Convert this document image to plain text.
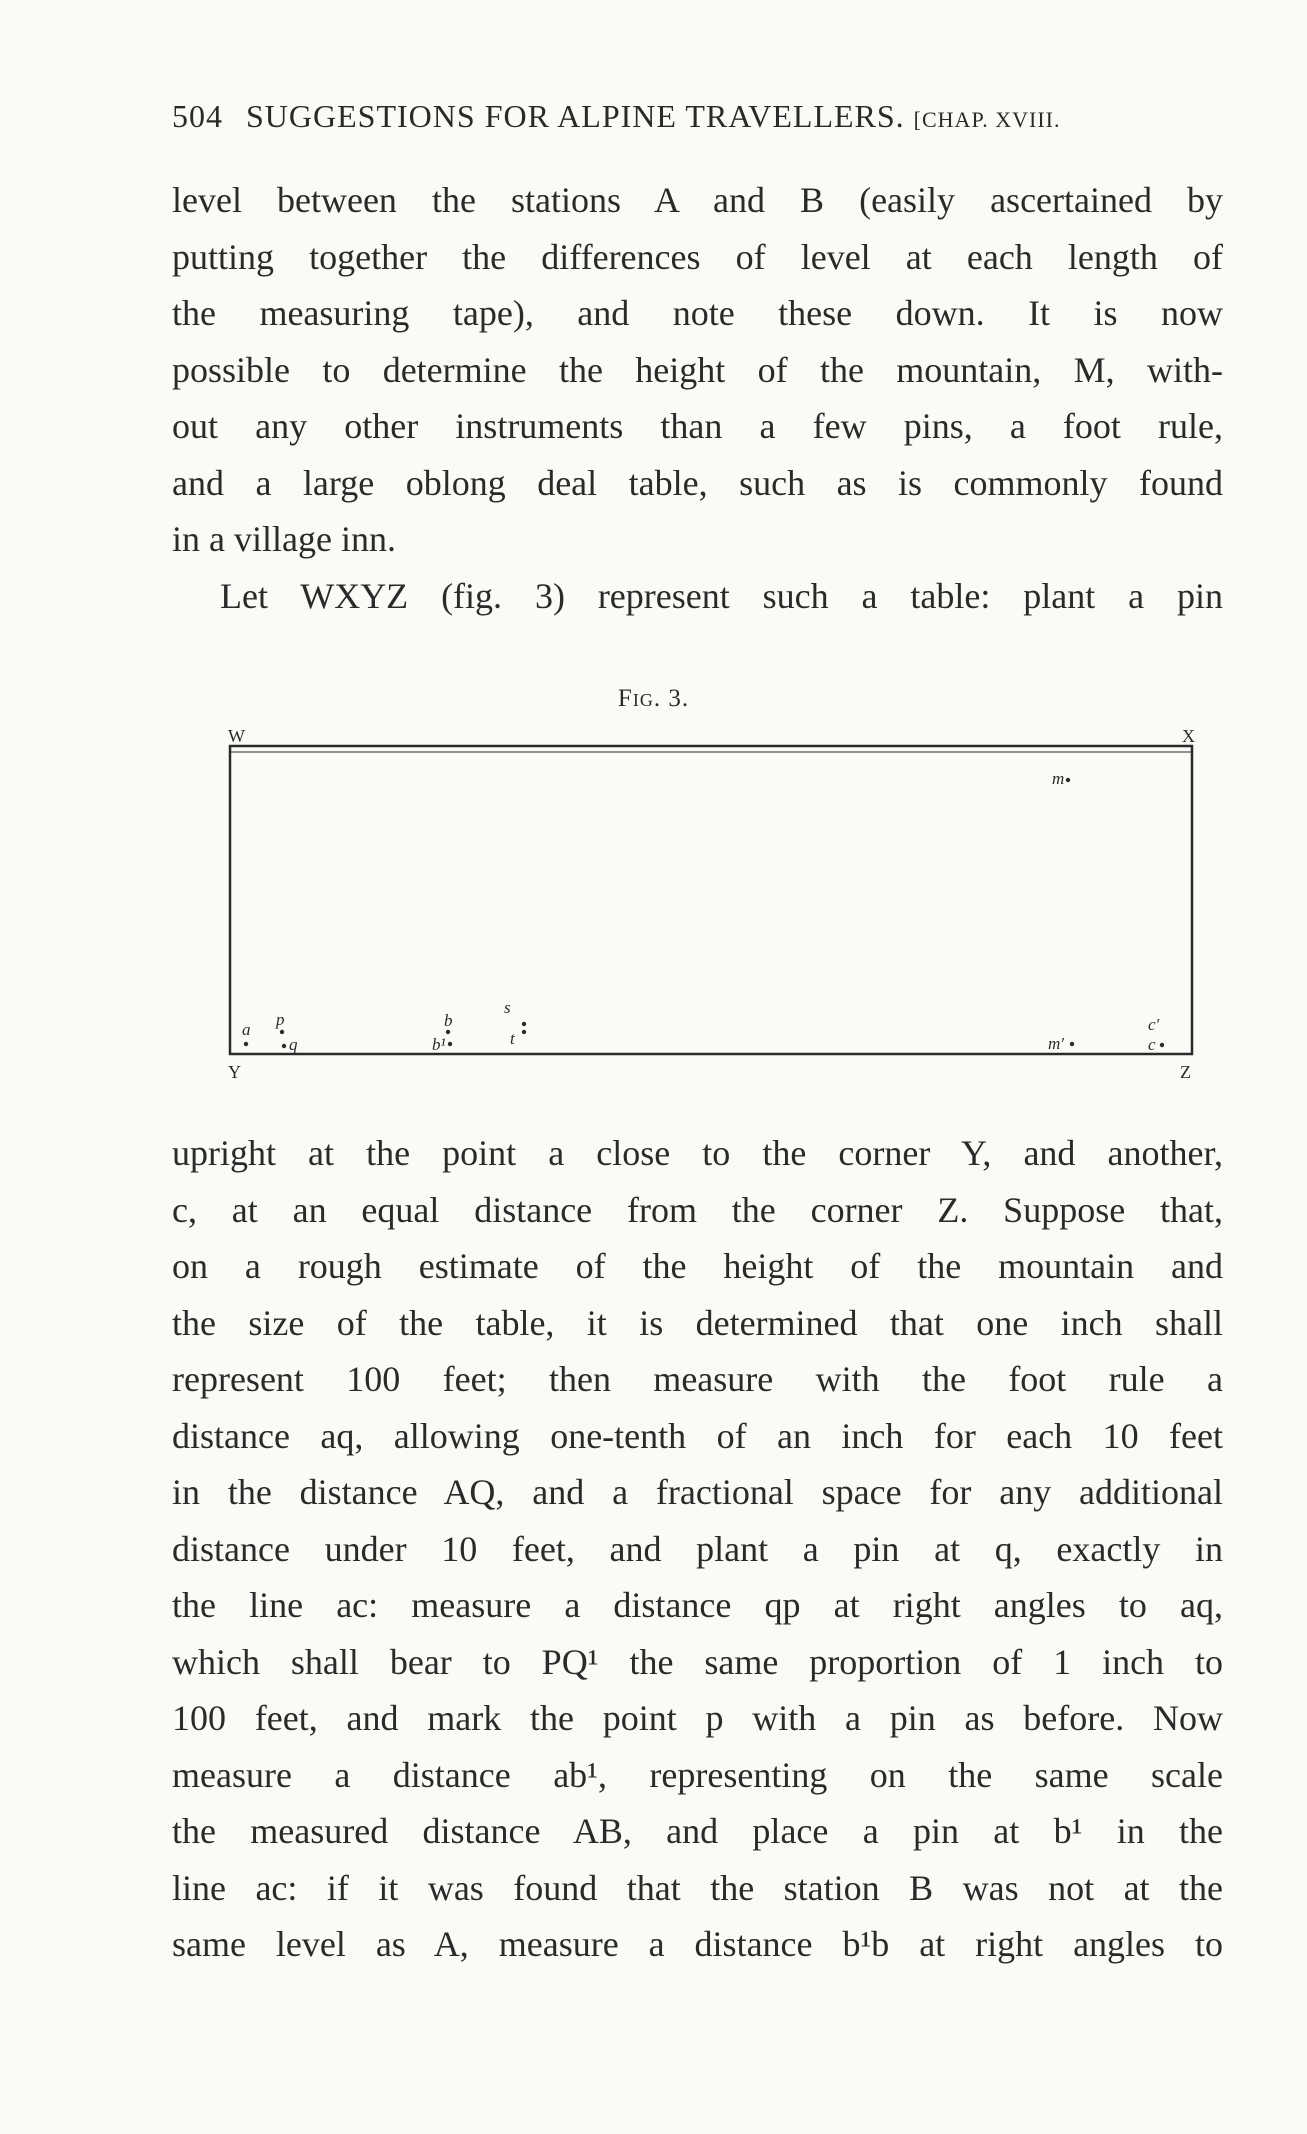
504 SUGGESTIONS FOR ALPINE TRAVELLERS. [CHAP. XVIII.
level between the stations A and B (easily ascertained by
putting together the differences of level at each length of
the measuring tape), and note these down. It is now
possible to determine the height of the mountain, M, with-
out any other instruments than a few pins, a foot rule,
and a large oblong deal table, such as is commonly found
in a village inn.
Let WXYZ (fig. 3) represent such a table: plant a pin
Fig. 3.
W	X
Y	Z
m
a
p
q
b
b¹
s
t	m′
c′
c
upright at the point a close to the corner Y, and another,
c, at an equal distance from the corner Z. Suppose that,
on a rough estimate of the height of the mountain and
the size of the table, it is determined that one inch shall
represent 100 feet; then measure with the foot rule a
distance aq, allowing one-tenth of an inch for each 10 feet
in the distance AQ, and a fractional space for any additional
distance under 10 feet, and plant a pin at q, exactly in
the line ac: measure a distance qp at right angles to aq,
which shall bear to PQ¹ the same proportion of 1 inch to
100 feet, and mark the point p with a pin as before. Now
measure a distance ab¹, representing on the same scale
the measured distance AB, and place a pin at b¹ in the
line ac: if it was found that the station B was not at the
same level as A, measure a distance b¹b at right angles to
